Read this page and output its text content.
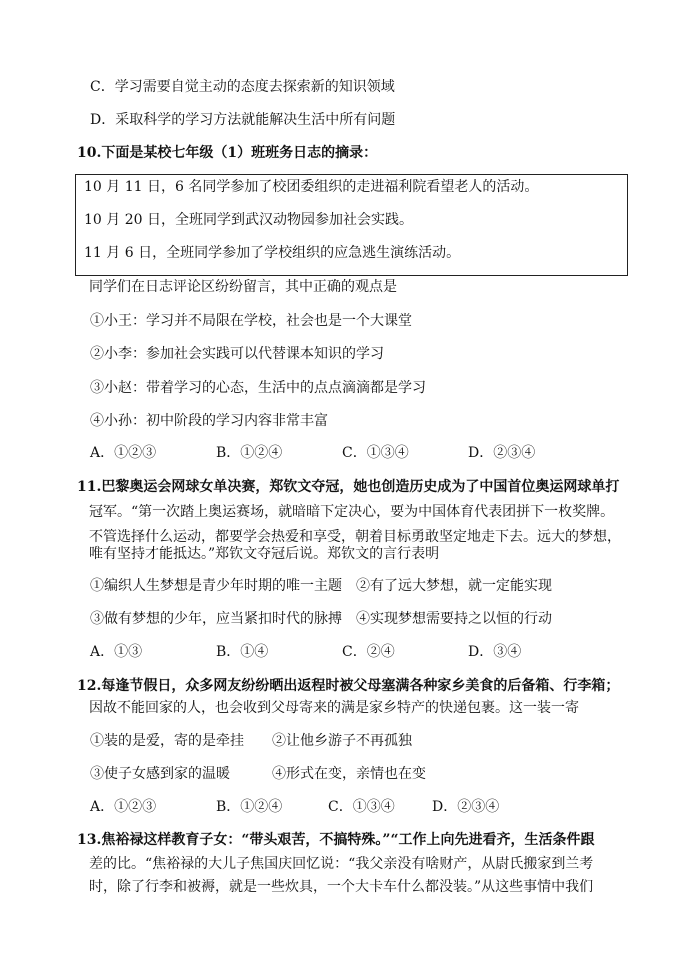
C．学习需要自觉主动的态度去探索新的知识领域
D．采取科学的学习方法就能解决生活中所有问题
10.下面是某校七年级（1）班班务日志的摘录：
10 月 11 日，6 名同学参加了校团委组织的走进福利院看望老人的活动。
10 月 20 日，全班同学到武汉动物园参加社会实践。
11 月 6 日，全班同学参加了学校组织的应急逃生演练活动。
同学们在日志评论区纷纷留言，其中正确的观点是
①小王：学习并不局限在学校，社会也是一个大课堂
②小李：参加社会实践可以代替课本知识的学习
③小赵：带着学习的心态，生活中的点点滴滴都是学习
④小孙：初中阶段的学习内容非常丰富
A．①②③	B．①②④	C．①③④	D．②③④
11.巴黎奥运会网球女单决赛，郑钦文夺冠，她也创造历史成为了中国首位奥运网球单打
冠军。“第一次踏上奥运赛场，就暗暗下定决心，要为中国体育代表团拼下一枚奖牌。
不管选择什么运动，都要学会热爱和享受，朝着目标勇敢坚定地走下去。远大的梦想，
唯有坚持才能抵达。”郑钦文夺冠后说。郑钦文的言行表明
①编织人生梦想是青少年时期的唯一主题　②有了远大梦想，就一定能实现
③做有梦想的少年，应当紧扣时代的脉搏　④实现梦想需要持之以恒的行动
A．①③	B．①④	C．②④	D．③④
12.每逢节假日，众多网友纷纷晒出返程时被父母塞满各种家乡美食的后备箱、行李箱；
因故不能回家的人，也会收到父母寄来的满是家乡特产的快递包裹。这一装一寄
①装的是爱，寄的是牵挂　　②让他乡游子不再孤独
③使子女感到家的温暖　　　④形式在变，亲情也在变
A．①②③	B．①②④	C．①③④	D．②③④
13.焦裕禄这样教育子女：“带头艰苦，不搞特殊。”“工作上向先进看齐，生活条件跟
差的比。“焦裕禄的大儿子焦国庆回忆说：“我父亲没有啥财产，从尉氏搬家到兰考
时，除了行李和被褥，就是一些炊具，一个大卡车什么都没装。”从这些事情中我们
